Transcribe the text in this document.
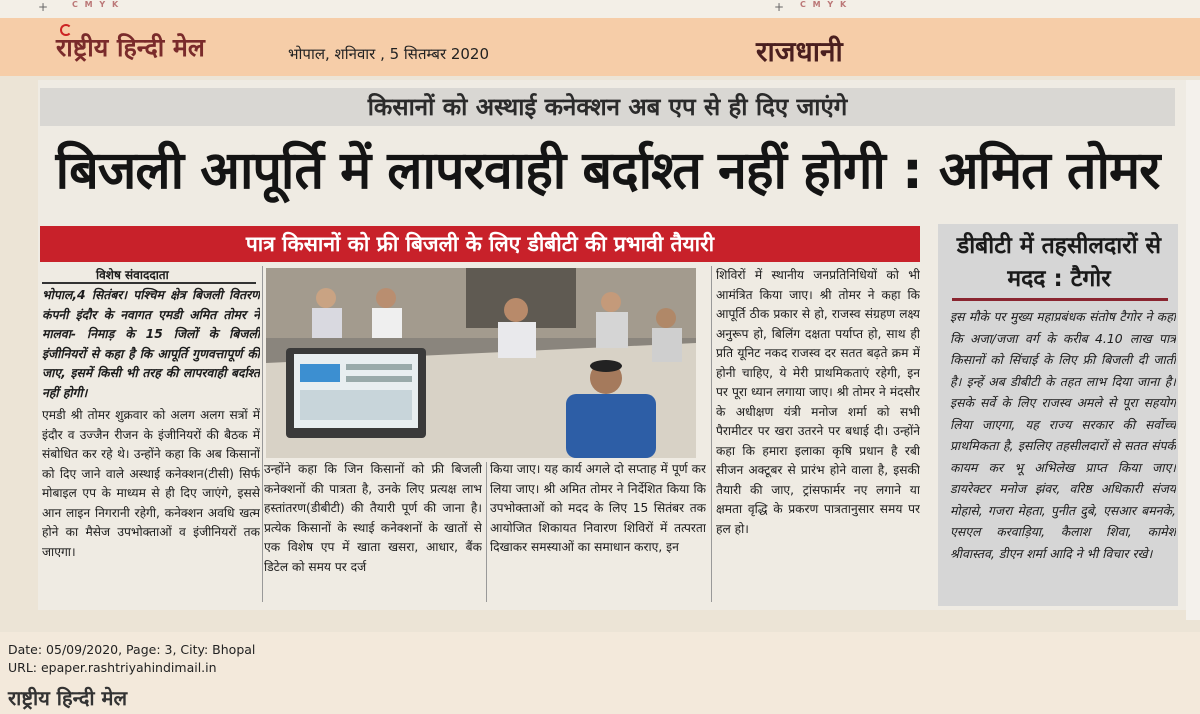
+	C M Y K	+ C M Y K
राष्ट्रीय हिन्दी मेल	भोपाल, शनिवार , 5 सितम्बर 2020	राजधानी
किसानों को अस्थाई कनेक्शन अब एप से ही दिए जाएंगे
बिजली आपूर्ति में लापरवाही बर्दाश्त नहीं होगी : अमित तोमर
पात्र किसानों को फ्री बिजली के लिए डीबीटी की प्रभावी तैयारी
विशेष संवाददाता
भोपाल,4 सितंबर। पश्चिम क्षेत्र बिजली वितरण कंपनी इंदौर के नवागत एमडी अमित तोमर ने मालवा- निमाड़ के 15 जिलों के बिजली इंजीनियरों से कहा है कि आपूर्ति गुणवत्तापूर्ण की जाए, इसमें किसी भी तरह की लापरवाही बर्दाश्त नहीं होगी।
एमडी श्री तोमर शुक्रवार को अलग अलग सत्रों में इंदौर व उज्जैन रीजन के इंजीनियरों की बैठक में संबोधित कर रहे थे। उन्होंने कहा कि अब किसानों को दिए जाने वाले अस्थाई कनेक्शन(टीसी) सिर्फ मोबाइल एप के माध्यम से ही दिए जाएंगे, इससे आन लाइन निगरानी रहेगी, कनेक्शन अवधि खत्म होने का मैसेज उपभोक्ताओं व इंजीनियरों तक जाएगा।
उन्होंने कहा कि जिन किसानों को फ्री बिजली कनेक्शनों की पात्रता है, उनके लिए प्रत्यक्ष लाभ हस्तांतरण(डीबीटी) की तैयारी पूर्ण की जाना है। प्रत्येक किसानों के स्थाई कनेक्शनों के खातों से एक विशेष एप में खाता खसरा, आधार, बैंक डिटेल को समय पर दर्ज
किया जाए। यह कार्य अगले दो सप्ताह में पूर्ण कर लिया जाए। श्री अमित तोमर ने निर्देशित किया कि उपभोक्ताओं को मदद के लिए 15 सितंबर तक आयोजित शिकायत निवारण शिविरों में तत्परता दिखाकर समस्याओं का समाधान कराए, इन
शिविरों में स्थानीय जनप्रतिनिधियों को भी आमंत्रित किया जाए। श्री तोमर ने कहा कि आपूर्ति ठीक प्रकार से हो, राजस्व संग्रहण लक्ष्य अनुरूप हो, बिलिंग दक्षता पर्याप्त हो, साथ ही प्रति यूनिट नकद राजस्व दर सतत बढ़ते क्रम में होनी चाहिए, ये मेरी प्राथमिकताएं रहेगी, इन पर पूरा ध्यान लगाया जाए। श्री तोमर ने मंदसौर के अधीक्षण यंत्री मनोज शर्मा को सभी पैरामीटर पर खरा उतरने पर बधाई दी। उन्होंने कहा कि हमारा इलाका कृषि प्रधान है रबी सीजन अक्टूबर से प्रारंभ होने वाला है, इसकी तैयारी की जाए, ट्रांसफार्मर नए लगाने या क्षमता वृद्धि के प्रकरण पात्रतानुसार समय पर हल हो।
डीबीटी में तहसीलदारों से मदद : टैगोर
इस मौके पर मुख्य महाप्रबंधक संतोष टैगोर ने कहा कि अजा/जजा वर्ग के करीब 4.10 लाख पात्र किसानों को सिंचाई के लिए फ्री बिजली दी जाती है। इन्हें अब डीबीटी के तहत लाभ दिया जाना है। इसके सर्वे के लिए राजस्व अमले से पूरा सहयोग लिया जाएगा, यह राज्य सरकार की सर्वोच्च प्राथमिकता है, इसलिए तहसीलदारों से सतत संपर्क कायम कर भू अभिलेख प्राप्त किया जाए। डायरेक्टर मनोज झंवर, वरिष्ठ अधिकारी संजय मोहासे, गजरा मेहता, पुनीत दुबे, एसआर बमनके, एसएल करवाड़िया, कैलाश शिवा, कामेश श्रीवास्तव, डीएन शर्मा आदि ने भी विचार रखे।
Date: 05/09/2020, Page: 3, City: Bhopal
URL: epaper.rashtriyahindimail.in
राष्ट्रीय हिन्दी मेल
